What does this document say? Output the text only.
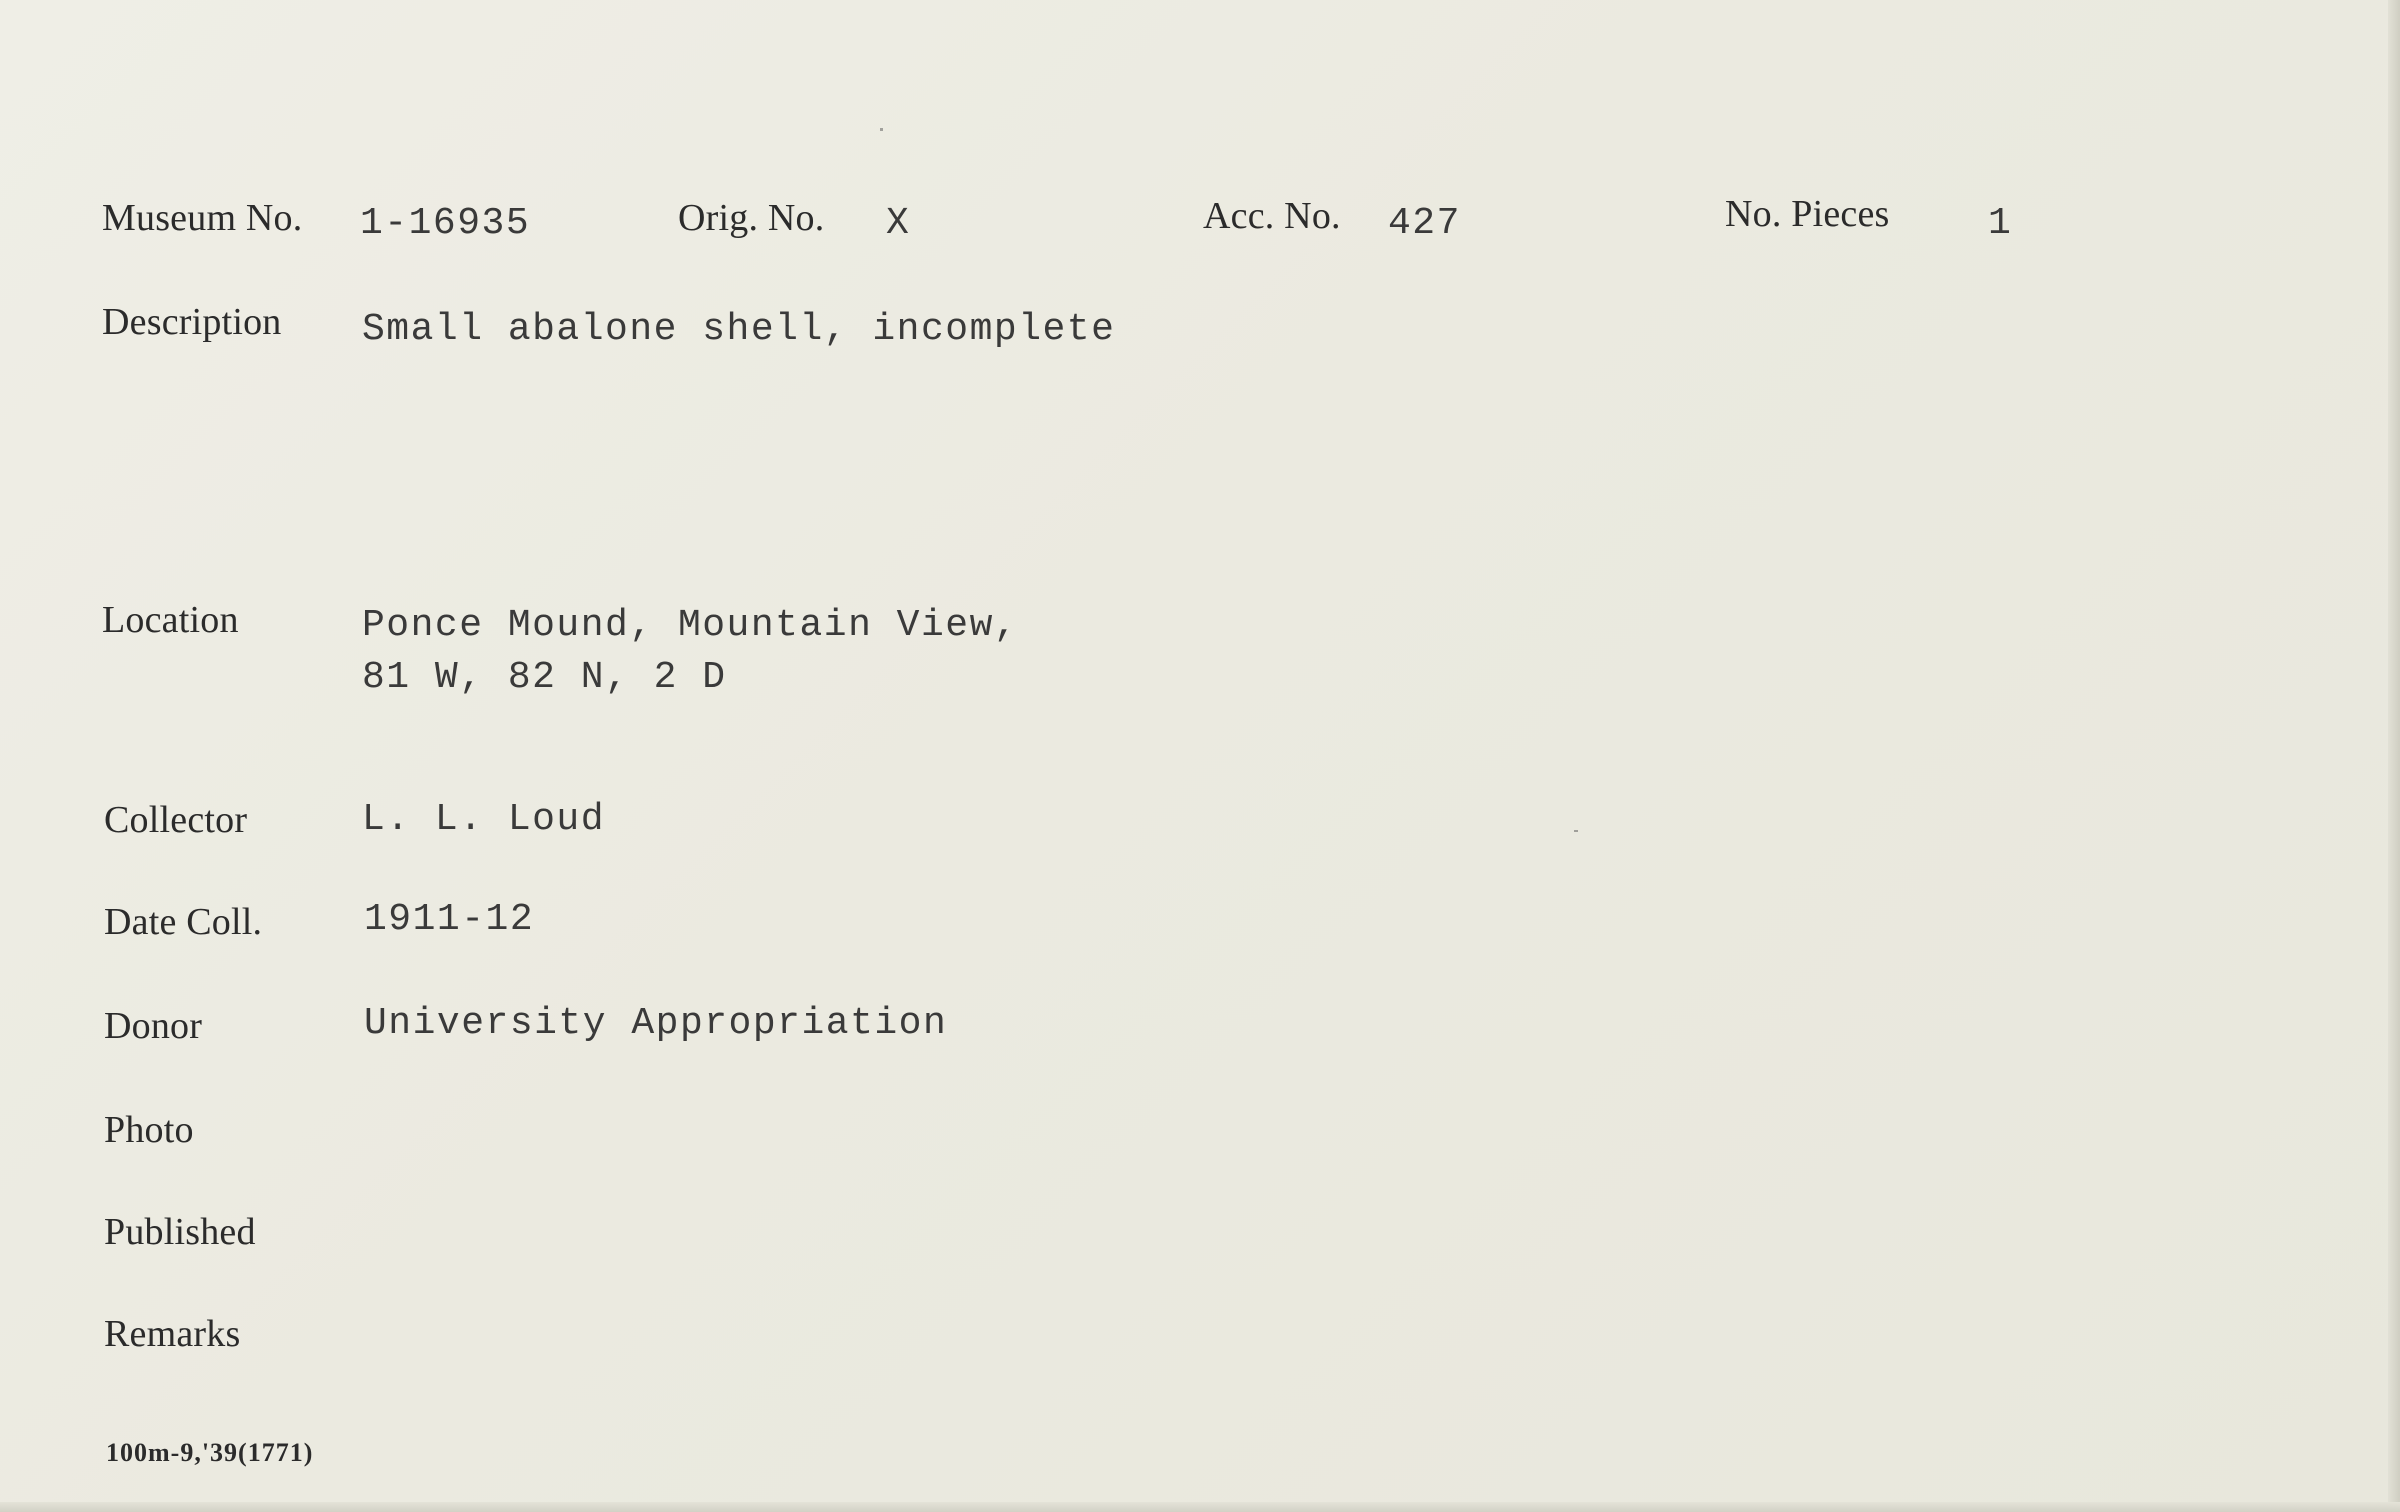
Museum No. 1-16935	Orig. No. X	Acc. No. 427	No. Pieces	1
Description Small abalone shell, incomplete
Location	Ponce Mound, Mountain View,
81 W, 82 N, 2 D
Collector	L. L. Loud
Date Coll.	1911-12
Donor	University Appropriation
Photo
Published
Remarks
100m-9,'39(1771)
